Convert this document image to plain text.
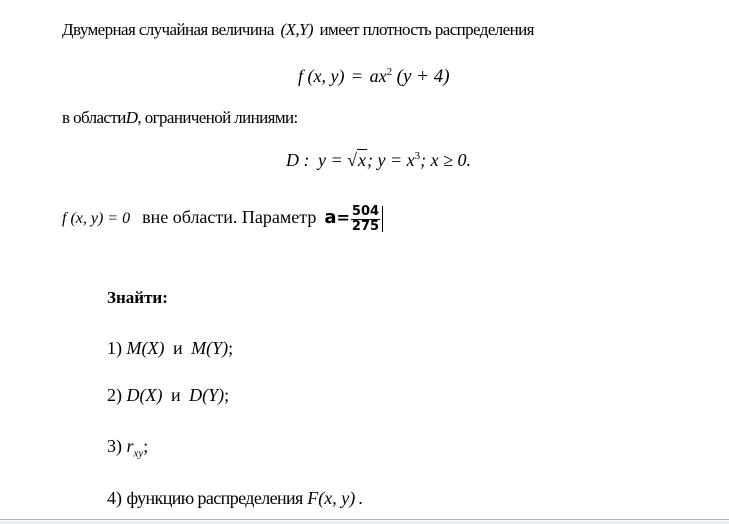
Двумерная случайная величина (X,Y) имеет плотность распределения
f (x, $y) = ax^2$ (y + 4)
в областиD, ограниченой линиями:
D : y = √x; $y = x^3$; x ≥ 0.
f (x, y) = 0 вне области. Параметр $a= \frac{504}{275}$
Знайти:
1) M(X) и M(Y);
2) D(X) и D(Y);
3) $r_{xy}$;
4) функцию распределения F(x, y) .
